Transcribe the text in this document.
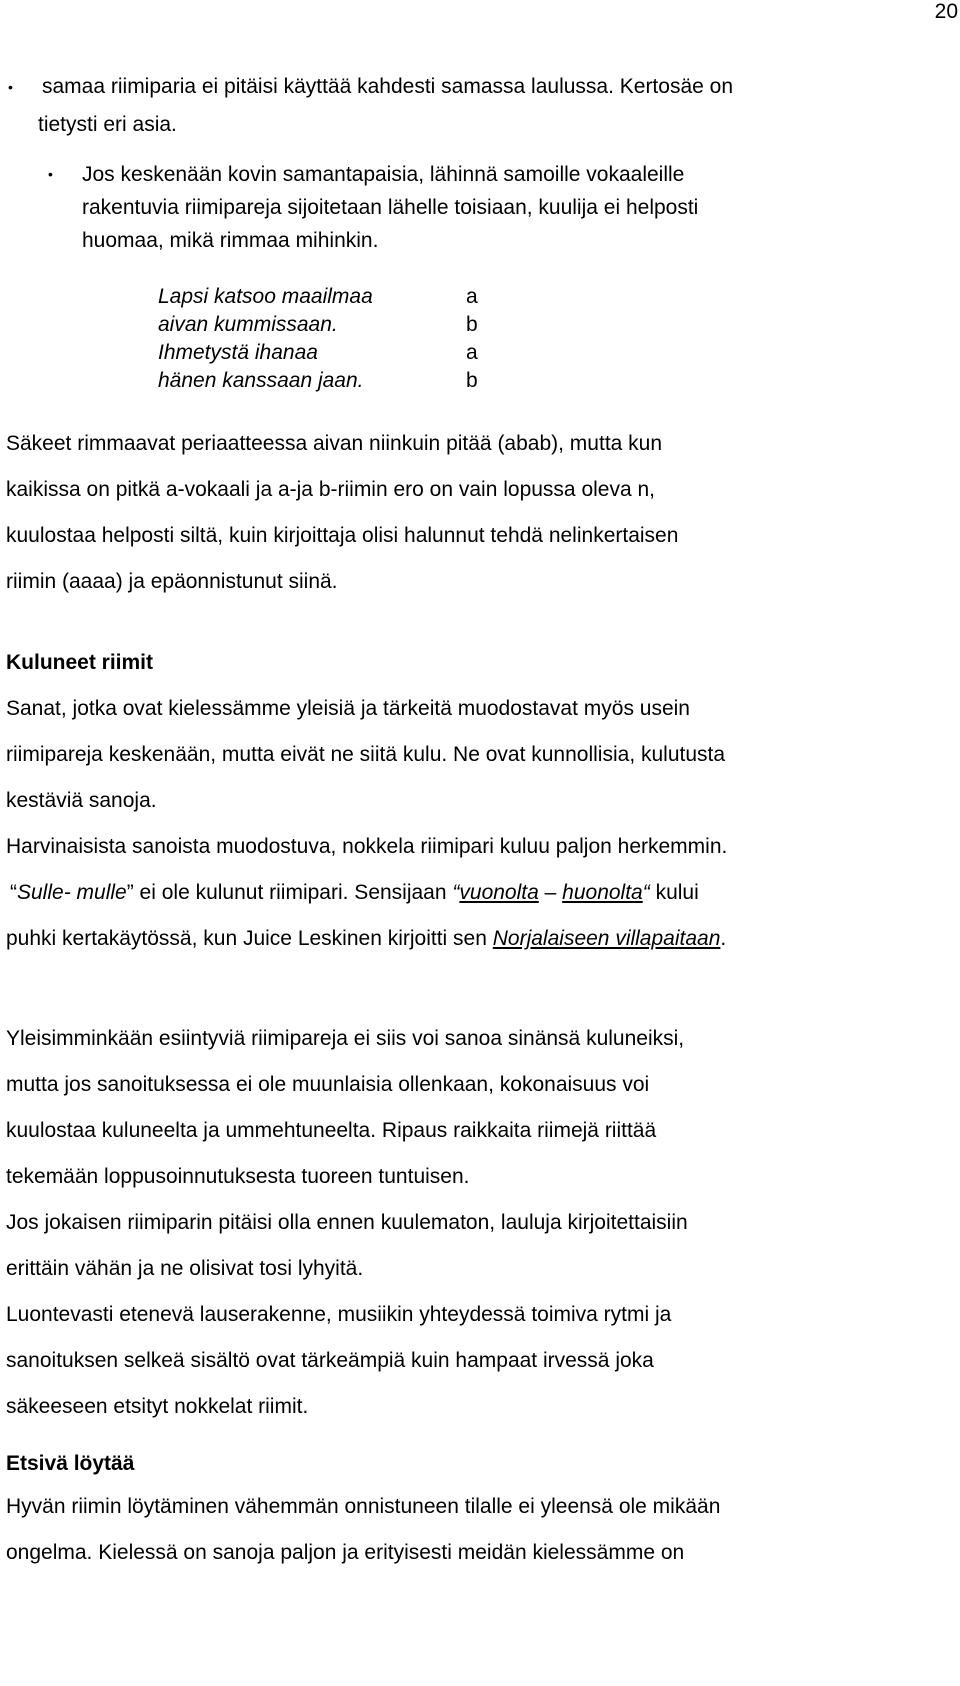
20
• samaa riimiparia ei pitäisi käyttää kahdesti samassa laulussa. Kertosäe on
tietysti eri asia.
• Jos keskenään kovin samantapaisia, lähinnä samoille vokaaleille
rakentuvia riimipareja sijoitetaan lähelle toisiaan, kuulija ei helposti
huomaa, mikä rimmaa mihinkin.
Lapsi katsoo maailmaa
aivan kummissaan.
Ihmetystä ihanaa
hänen kanssaan jaan.
a
b
a
b
Säkeet rimmaavat periaatteessa aivan niinkuin pitää (abab), mutta kun
kaikissa on pitkä a-vokaali ja a-ja b-riimin ero on vain lopussa oleva n,
kuulostaa helposti siltä, kuin kirjoittaja olisi halunnut tehdä nelinkertaisen
riimin (aaaa) ja epäonnistunut siinä.
Kuluneet riimit
Sanat, jotka ovat kielessämme yleisiä ja tärkeitä muodostavat myös usein
riimipareja keskenään, mutta eivät ne siitä kulu. Ne ovat kunnollisia, kulutusta
kestäviä sanoja.
Harvinaisista sanoista muodostuva, nokkela riimipari kuluu paljon herkemmin.
“Sulle- mulle” ei ole kulunut riimipari. Sensijaan “vuonolta – huonolta“ kului
puhki kertakäytössä, kun Juice Leskinen kirjoitti sen Norjalaiseen villapaitaan.
Yleisimminkään esiintyviä riimipareja ei siis voi sanoa sinänsä kuluneiksi,
mutta jos sanoituksessa ei ole muunlaisia ollenkaan, kokonaisuus voi
kuulostaa kuluneelta ja ummehtuneelta. Ripaus raikkaita riimejä riittää
tekemään loppusoinnutuksesta tuoreen tuntuisen.
Jos jokaisen riimiparin pitäisi olla ennen kuulematon, lauluja kirjoitettaisiin
erittäin vähän ja ne olisivat tosi lyhyitä.
Luontevasti etenevä lauserakenne, musiikin yhteydessä toimiva rytmi ja
sanoituksen selkeä sisältö ovat tärkeämpiä kuin hampaat irvessä joka
säkeeseen etsityt nokkelat riimit.
Etsivä löytää
Hyvän riimin löytäminen vähemmän onnistuneen tilalle ei yleensä ole mikään
ongelma. Kielessä on sanoja paljon ja erityisesti meidän kielessämme on
